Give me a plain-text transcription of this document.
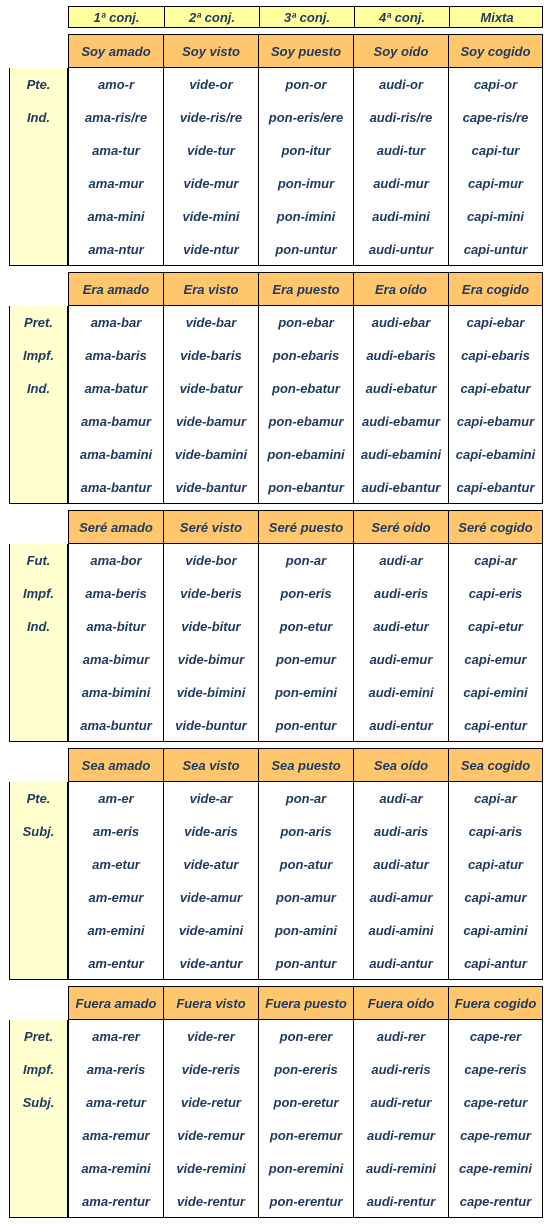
1ª conj.	2ª conj.	3ª conj.	4ª conj.	Mixta
Soy amado	Soy visto	Soy puesto	Soy oído	Soy cogido
Pte.
Ind.
amo-r	vide-or	pon-or	audi-or	capi-or
ama-ris/re	vide-ris/re	pon-eris/ere	audi-ris/re	cape-ris/re
ama-tur	vide-tur	pon-itur	audi-tur	capi-tur
ama-mur	vide-mur	pon-imur	audi-mur	capi-mur
ama-mini	vide-mini	pon-imini	audi-mini	capi-mini
ama-ntur	vide-ntur	pon-untur	audi-untur	capi-untur
Era amado	Era visto	Era puesto	Era oído	Era cogido
Pret.
Impf.
Ind.
ama-bar	vide-bar	pon-ebar	audi-ebar	capi-ebar
ama-baris	vide-baris	pon-ebaris	audi-ebaris	capi-ebaris
ama-batur	vide-batur	pon-ebatur	audi-ebatur	capi-ebatur
ama-bamur	vide-bamur	pon-ebamur	audi-ebamur	capi-ebamur
ama-bamini	vide-bamini	pon-ebamini	audi-ebamini	capi-ebamini
ama-bantur	vide-bantur	pon-ebantur	audi-ebantur	capi-ebantur
Seré amado	Seré visto	Seré puesto	Seré oído	Seré cogido
Fut.
Impf.
Ind.
ama-bor	vide-bor	pon-ar	audi-ar	capi-ar
ama-beris	vide-beris	pon-eris	audi-eris	capi-eris
ama-bitur	vide-bitur	pon-etur	audi-etur	capi-etur
ama-bimur	vide-bimur	pon-emur	audi-emur	capi-emur
ama-bimini	vide-bimini	pon-emini	audi-emini	capi-emini
ama-buntur	vide-buntur	pon-entur	audi-entur	capi-entur
Sea amado	Sea visto	Sea puesto	Sea oído	Sea cogido
Pte.
Subj.
am-er	vide-ar	pon-ar	audi-ar	capi-ar
am-eris	vide-aris	pon-aris	audi-aris	capi-aris
am-etur	vide-atur	pon-atur	audi-atur	capi-atur
am-emur	vide-amur	pon-amur	audi-amur	capi-amur
am-emini	vide-amini	pon-amini	audi-amini	capi-amini
am-entur	vide-antur	pon-antur	audi-antur	capi-antur
Fuera amado	Fuera visto	Fuera puesto	Fuera oído	Fuera cogido
Pret.
Impf.
Subj.
ama-rer	vide-rer	pon-erer	audi-rer	cape-rer
ama-reris	vide-reris	pon-ereris	audi-reris	cape-reris
ama-retur	vide-retur	pon-eretur	audi-retur	cape-retur
ama-remur	vide-remur	pon-eremur	audi-remur	cape-remur
ama-remini	vide-remini	pon-eremini	audi-remini	cape-remini
ama-rentur	vide-rentur	pon-erentur	audi-rentur	cape-rentur
